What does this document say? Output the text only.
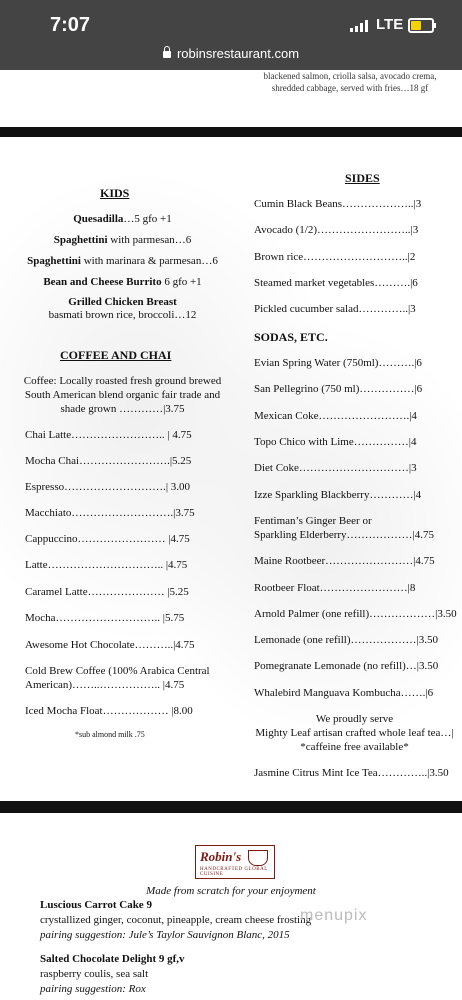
7:07	LTE
robinsrestaurant.com
blackened salmon, criolla salsa, avocado crema,
shredded cabbage, served with fries…18 gf
KIDS
Quesadilla…5 gfo +1
Spaghettini with parmesan…6
Spaghettini with marinara & parmesan…6
Bean and Cheese Burrito 6 gfo +1
Grilled Chicken Breast
basmati brown rice, broccoli…12
COFFEE AND CHAI
Coffee: Locally roasted fresh ground brewed
South American blend organic fair trade and
shade grown …………|3.75
Chai Latte…………………….. | 4.75
Mocha Chai…………………….|5.25
Espresso……………………….| 3.00
Macchiato……………………….|3.75
Cappuccino…………………… |4.75
Latte………………………….. |4.75
Caramel Latte………………… |5.25
Mocha……………………….. |5.75
Awesome Hot Chocolate………..|4.75
Cold Brew Coffee (100% Arabica Central
American)……..…………….. |4.75
Iced Mocha Float……………… |8.00
*sub almond milk .75
SIDES
Cumin Black Beans………………..|3
Avocado (1/2)……………………..|3
Brown rice………………………..|2
Steamed market vegetables……….|6
Pickled cucumber salad…………..|3
SODAS, ETC.
Evian Spring Water (750ml)……….|6
San Pellegrino (750 ml)……………|6
Mexican Coke…………………….|4
Topo Chico with Lime……………|4
Diet Coke…………………………|3
Izze Sparkling Blackberry…………|4
Fentiman’s Ginger Beer or
Sparkling Elderberry………………|4.75
Maine Rootbeer……………………|4.75
Rootbeer Float……………………|8
Arnold Palmer (one refill)………………|3.50
Lemonade (one refill)………………|3.50
Pomegranate Lemonade (no refill)…|3.50
Whalebird Manguava Kombucha…….|6
We proudly serve
Mighty Leaf artisan crafted whole leaf tea…|
*caffeine free available*
Jasmine Citrus Mint Ice Tea…………..|3.50
Robin's
HANDCRAFTED GLOBAL CUISINE
Made from scratch for your enjoyment
Luscious Carrot Cake 9
crystallized ginger, coconut, pineapple, cream cheese frosting
pairing suggestion: Jule’s Taylor Sauvignon Blanc, 2015
Salted Chocolate Delight 9 gf,v
raspberry coulis, sea salt
pairing suggestion: Rox
menupix
